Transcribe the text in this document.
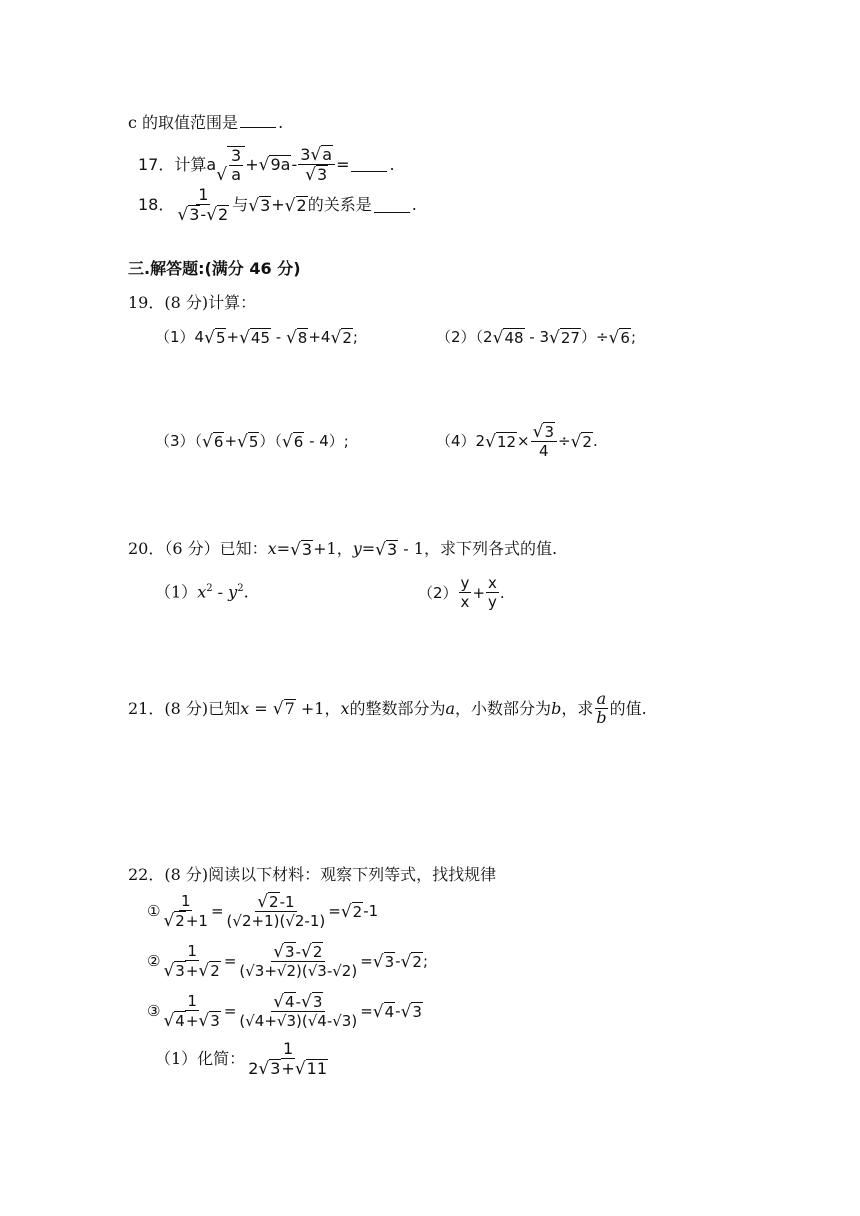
c 的取值范围是	.
17．计算 a
√ $\frac{3}{a}$ + √ $9a - \frac{3 √ a}{√ 3}$ =	.
18． $\frac{1}{√ 3 - √ 2}$ 与 √ 3 + √ 2 的关系是	.
三.解答题:(满分 46 分)
19．(8 分)计算：
（1） 4 √ 5 + √ 45 - √ 8 +4 √ 2 ;	（2）（2 √ 48 - 3 √ 27 ）÷ √ 6 ;
（3）（ √ 6 + √ 5 ）（ √ 6 - 4）;	（4）2 √ $12 \times \frac{√ 3}{4}$ ÷ √ 2 .
20．（6 分）已知： x = √ 3 +1， y = √ 3 - 1，求下列各式的值.
$(1)x^2 - y^2$.	$(2) \frac{y}{x} + \frac{x}{y}$ .
21．(8 分)已知 x = √ 7 +1， x 的整数部分为 a ，小数部分为 b ，求 $\frac{a}{b}$ 的值.
22．(8 分)阅读以下材料：观察下列等式，找找规律
① $\frac{1}{√ 2 +1} = \frac{√ 2 -1}{(√2+1)(√2-1)}$ = √ 2 -1
② $\frac{1}{√ 3 + √ 2} = \frac{√ 3 - √ 2}{(√3+√2)(√3-√2)}$ = √ 3 - √ 2 ;
③ $\frac{1}{√ 4 + √ 3} = \frac{√ 4 - √ 3}{(√4+√3)(√4-√3)}$ = √ 4 - √ 3
（1）化简： $\frac{1}{2 √ 3 + √ 11}$
